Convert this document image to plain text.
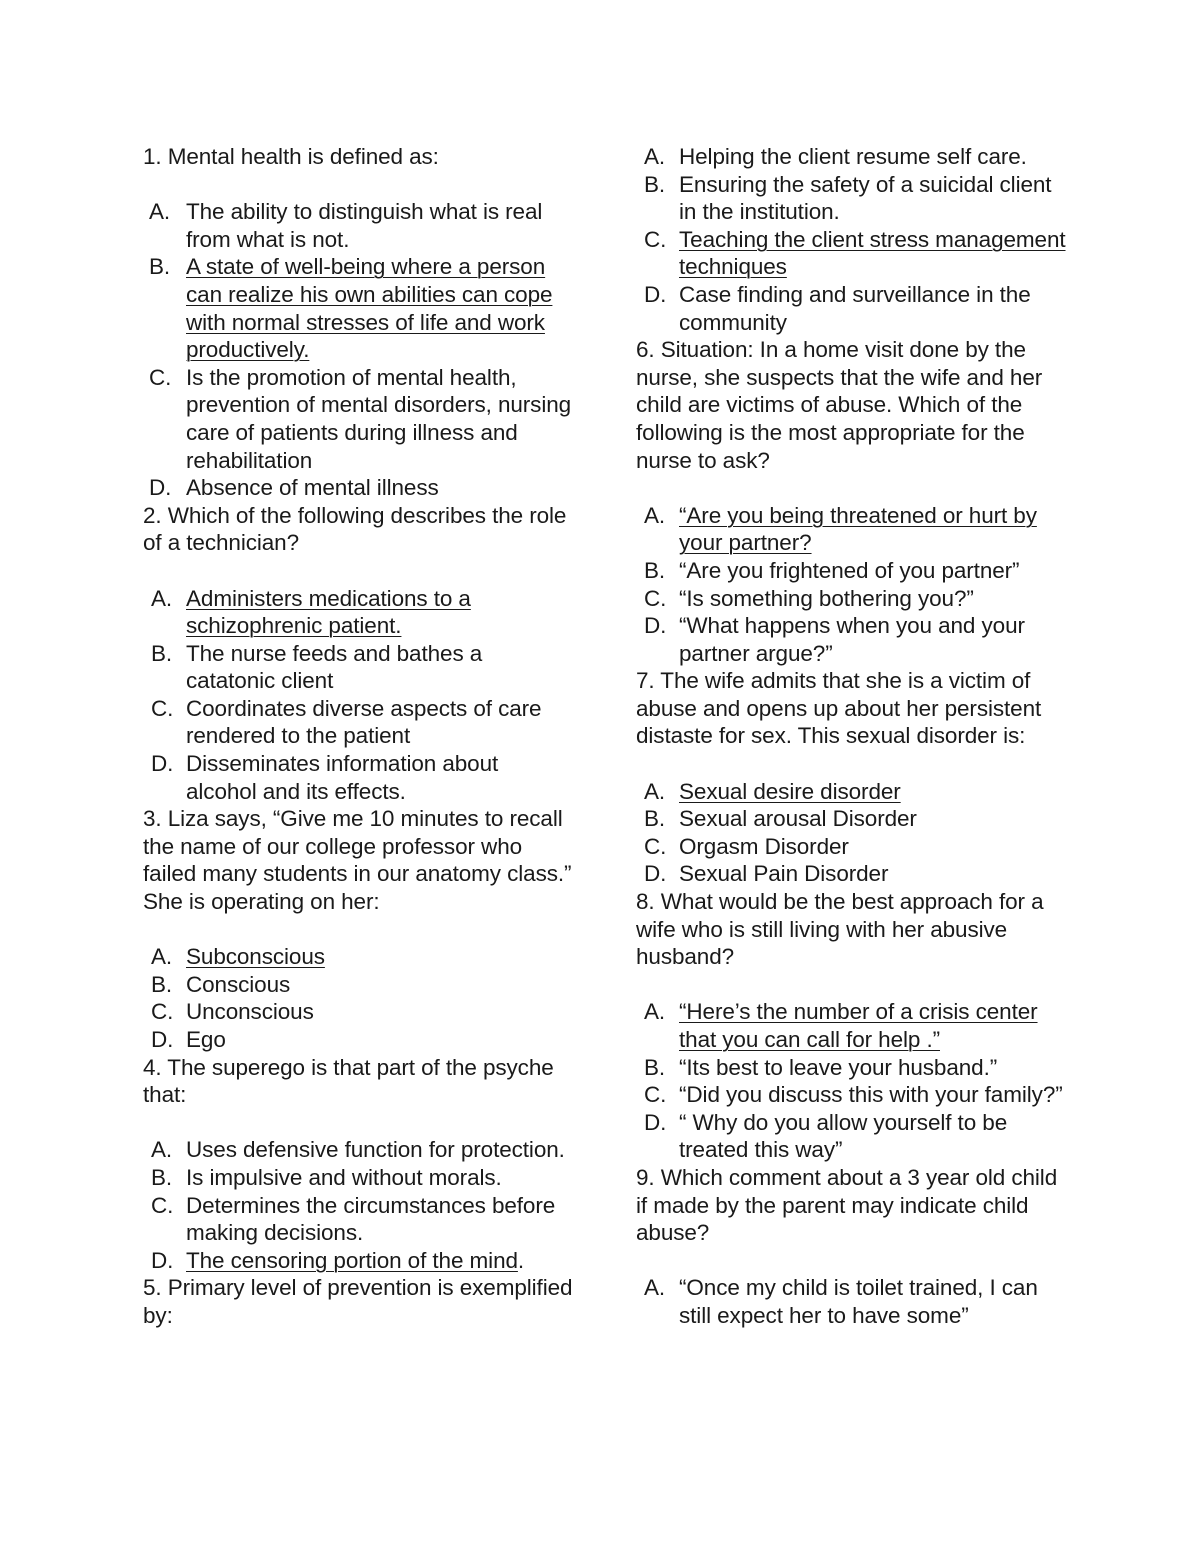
1. Mental health is defined as:

A. The ability to distinguish what is real from what is not.
B. A state of well-being where a person can realize his own abilities can cope with normal stresses of life and work productively.
C. Is the promotion of mental health, prevention of mental disorders, nursing care of patients during illness and rehabilitation
D. Absence of mental illness

2. Which of the following describes the role of a technician?

A. Administers medications to a schizophrenic patient.
B. The nurse feeds and bathes a catatonic client
C. Coordinates diverse aspects of care rendered to the patient
D. Disseminates information about alcohol and its effects.

3. Liza says, “Give me 10 minutes to recall the name of our college professor who failed many students in our anatomy class.” She is operating on her:

A. Subconscious
B. Conscious
C. Unconscious
D. Ego

4. The superego is that part of the psyche that:

A. Uses defensive function for protection.
B. Is impulsive and without morals.
C. Determines the circumstances before making decisions.
D. The censoring portion of the mind.

5. Primary level of prevention is exemplified by:

A. Helping the client resume self care.
B. Ensuring the safety of a suicidal client in the institution.
C. Teaching the client stress management techniques
D. Case finding and surveillance in the community

6. Situation: In a home visit done by the nurse, she suspects that the wife and her child are victims of abuse. Which of the following is the most appropriate for the nurse to ask?

A. “Are you being threatened or hurt by your partner?
B. “Are you frightened of you partner”
C. “Is something bothering you?”
D. “What happens when you and your partner argue?”

7. The wife admits that she is a victim of abuse and opens up about her persistent distaste for sex. This sexual disorder is:

A. Sexual desire disorder
B. Sexual arousal Disorder
C. Orgasm Disorder
D. Sexual Pain Disorder

8. What would be the best approach for a wife who is still living with her abusive husband?

A. “Here’s the number of a crisis center that you can call for help .”
B. “Its best to leave your husband.”
C. “Did you discuss this with your family?”
D. “ Why do you allow yourself to be treated this way”

9. Which comment about a 3 year old child if made by the parent may indicate child abuse?

A. “Once my child is toilet trained, I can still expect her to have some”
